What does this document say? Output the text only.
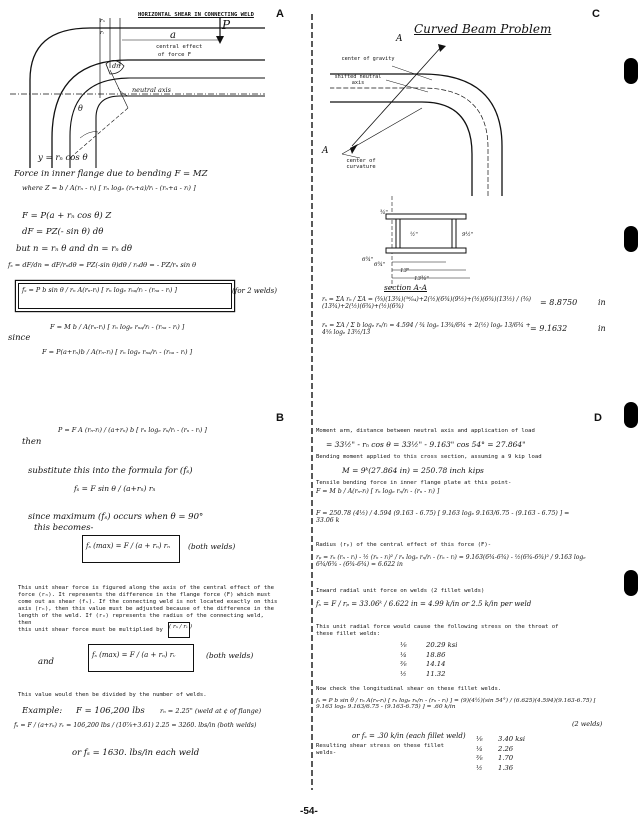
A	C
B	D
HORIZONTAL SHEAR IN CONNECTING WELD
P
a
rₙ
rᵢ
dn
θ
central effect
of force F
neutral axis
y = rₙ cos θ
Force in inner flange due to bending F = MZ
where Z = b / A(rₙ - rᵢ) [ rₙ logₑ (rₙ+a)/rᵢ - (rₙ+a - rᵢ) ]
F = P(a + rₙ cos θ) Z
dF = PZ(- sin θ) dθ
but n = rₙ θ and dn = rₙ dθ
fₛ = dF/dn = dF/rₙdθ = PZ(-sin θ)dθ / rₙdθ = - PZ/rₙ sin θ
fₛ = P b sin θ / rₙ A(rₙ-rᵢ) [ rₙ logₑ rₙₐ/rᵢ - (rₙₐ - rᵢ) ]	(for 2 welds)
since
F = M b / A(rₙ-rᵢ) [ rₙ logₑ rₙₐ/rᵢ - (rₙₐ - rᵢ) ]
F = P(a+rₙ)b / A(rₙ-rᵢ) [ rₙ logₑ rₙₐ/rᵢ - (rₙₐ - rᵢ) ]
then
P = F A (rₙ-rᵢ) / (a+rₙ) b [ rₙ logₑ rₙ/rᵢ - (rₙ - rᵢ) ]
substitute this into the formula for (fₛ)
fₛ = F sin θ / (a+rₙ) rₙ
since maximum (fₛ) occurs when θ = 90°
this becomes-
fₛ (max) = F / (a + rₙ) rₙ	(both welds)
This unit shear force is figured along the axis of the central effect of the
force (rₙ). It represents the difference in the flange force (F) which must
come out as shear (fₛ). If the connecting weld is not located exactly on this
axis (rₙ), then this value must be adjusted because of the difference in the
length of the weld. If (rᵥ) represents the radius of the connecting weld, then
this unit shear force must be multiplied by	( rₙ / rᵥ )
and
fₛ (max) = F / (a + rₙ) rᵥ	(both welds)
This value would then be divided by the number of welds.
Example: F = 106,200 lbs rₙ = 2.25" (weld at ¢ of flange)
fₛ = F / (a+rₙ) rᵥ = 106,200 lbs / (10⅞+3.61) 2.25 = 3260. lbs/in (both welds)
or fₛ = 1630. lbs/in each weld
Curved Beam Problem
A
A
center of gravity
shifted neutral axis
center of curvature
¾"
½"	9½"
6¾"
6¾"
13"
13¾"
section A-A
rₛ = ΣA rₙ / ΣA = (⅜)(13¾)(⁵⁶⁄₆₄)+2(½)(6¾)(9½)+(½)(6¾)(13½) / (⅜)(13¾)+2(½)(6¾)+(½)(6¾)	= 8.8750	in
rₙ = ΣA / Σ b logₑ rₙ/rᵢ = 4.594 / ¾ logₑ 13¾/6¾ + 2(½) logₑ 13/6¾ + 4⅝ logₑ 13½/13	= 9.1632	in
Moment arm, distance between neutral axis and application of load
= 33½" - rₙ cos θ = 33½" - 9.163" cos 54° = 27.864"
Bending moment applied to this cross section, assuming a 9 kip load
M = 9ᵏ(27.864 in) = 250.78 inch kips
Tensile bending force in inner flange plate at this point-
F = M b / A(rₙ-rᵢ) [ rₙ logₑ rₙ/rᵢ - (rₙ - rᵢ) ]
F = 250.78 (4½) / 4.594 (9.163 - 6.75) [ 9.163 logₑ 9.163/6.75 - (9.163 - 6.75) ] = 33.06 k
Radius (rₚ) of the central effect of this force (F)-
rₚ = rₙ (rₙ - rᵢ) - ½ (rₙ - rᵢ)² / rₙ logₑ rₙ/rᵢ - (rₙ - rᵢ) = 9.163(6¾-6¾) - ½(6¾-6¾)² / 9.163 logₑ 6¾/6¾ - (6¾-6¾) = 6.622 in
Inward radial unit force on welds (2 fillet welds)
fₛ = F / rₚ = 33.06ᵏ / 6.622 in = 4.99 k/in or 2.5 k/in per weld
This unit radial force would cause the following stress on the throat of
these fillet welds:
⅛	20.29 ksi
¼	18.86
⅜	14.14
½	11.32
Now check the longitudinal shear on these fillet welds.
fₛ = P b sin θ / rₙ A(rₙ-rᵢ) [ rₙ logₑ rₙ/rᵢ - (rₙ - rᵢ) ] = (9)(4½)(sin 54°) / (6.625)(4.594)(9.163-6.75) [ 9.163 logₑ 9.163/6.75 - (9.163-6.75) ] = .60 k/in
(2 welds)
or fₛ = .30 k/in (each fillet weld)
Resulting shear stress on these fillet welds-
⅛ 3.40 ksi
¼ 2.26
⅜ 1.70
½ 1.36
-54-
